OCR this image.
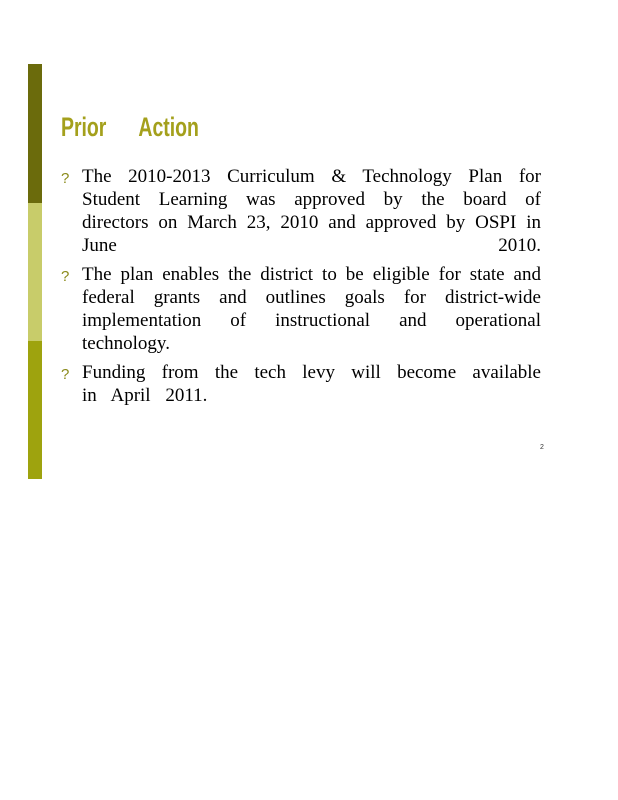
Prior Action
? The 2010-2013 Curriculum & Technology Plan for Student Learning was approved by the board of directors on March 23, 2010 and approved by OSPI in June 2010.
? The plan enables the district to be eligible for state and federal grants and outlines goals for district-wide implementation of instructional and operational technology.
? Funding from the tech levy will become available in April 2011.
2
